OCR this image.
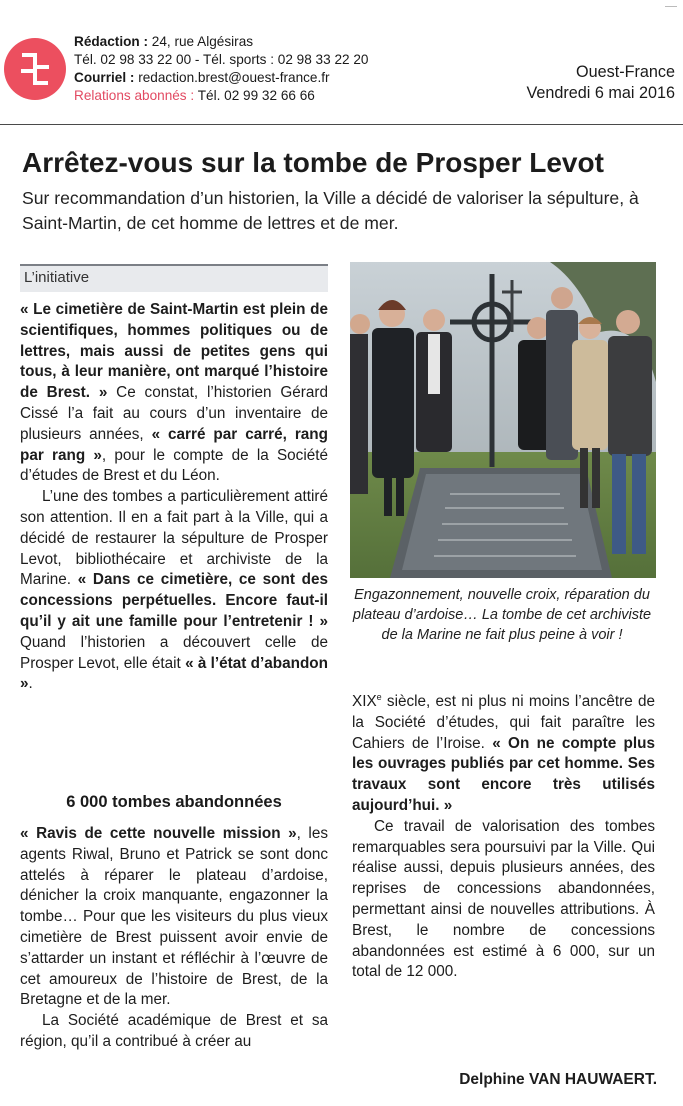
Rédaction : 24, rue Algésiras
Tél. 02 98 33 22 00 - Tél. sports : 02 98 33 22 20
Courriel : redaction.brest@ouest-france.fr
Relations abonnés : Tél. 02 99 32 66 66
Ouest-France
Vendredi 6 mai 2016
Arrêtez-vous sur la tombe de Prosper Levot
Sur recommandation d’un historien, la Ville a décidé de valoriser la sépulture, à Saint-Martin, de cet homme de lettres et de mer.
L’initiative

« Le cimetière de Saint-Martin est plein de scientifiques, hommes politiques ou de lettres, mais aussi de petites gens qui tous, à leur manière, ont marqué l’histoire de Brest. » Ce constat, l’historien Gérard Cissé l’a fait au cours d’un inventaire de plusieurs années, « carré par carré, rang par rang », pour le compte de la Société d’études de Brest et du Léon.

L’une des tombes a particulièrement attiré son attention. Il en a fait part à la Ville, qui a décidé de restaurer la sépulture de Prosper Levot, bibliothécaire et archiviste de la Marine. « Dans ce cimetière, ce sont des concessions perpétuelles. Encore faut-il qu’il y ait une famille pour l’entretenir ! » Quand l’historien a découvert celle de Prosper Levot, elle était « à l’état d’abandon ».

6 000 tombes abandonnées

« Ravis de cette nouvelle mission », les agents Riwal, Bruno et Patrick se sont donc attelés à réparer le plateau d’ardoise, dénicher la croix manquante, engazonner la tombe… Pour que les visiteurs du plus vieux cimetière de Brest puissent avoir envie de s’attarder un instant et réfléchir à l’œuvre de cet amoureux de l’histoire de Brest, de la Bretagne et de la mer.

La Société académique de Brest et sa région, qu’il a contribué à créer au

Engazonnement, nouvelle croix, réparation du plateau d’ardoise… La tombe de cet archiviste de la Marine ne fait plus peine à voir !

XIXe siècle, est ni plus ni moins l’ancêtre de la Société d’études, qui fait paraître les Cahiers de l’Iroise. « On ne compte plus les ouvrages publiés par cet homme. Ses travaux sont encore très utilisés aujourd’hui. »

Ce travail de valorisation des tombes remarquables sera poursuivi par la Ville. Qui réalise aussi, depuis plusieurs années, des reprises de concessions abandonnées, permettant ainsi de nouvelles attributions. À Brest, le nombre de concessions abandonnées est estimé à 6 000, sur un total de 12 000.

Delphine VAN HAUWAERT.
